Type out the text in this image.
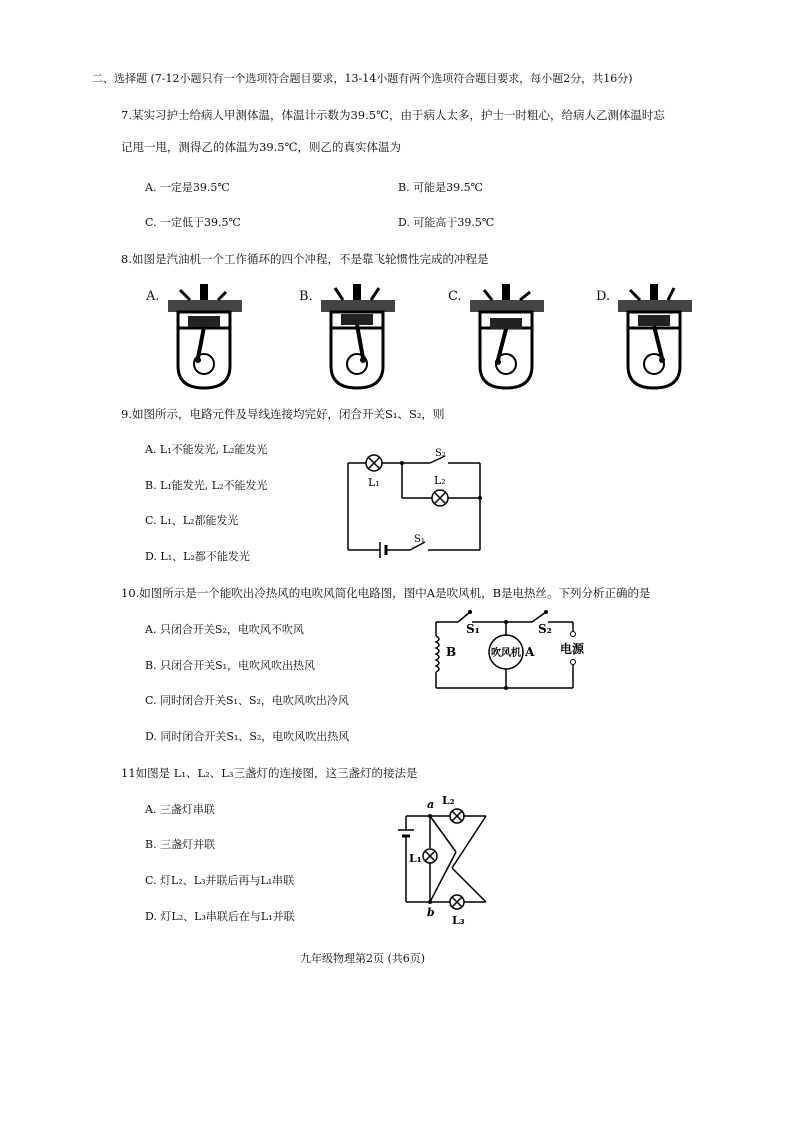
二、选择题 (7-12小题只有一个选项符合题目要求，13-14小题有两个选项符合题目要求，每小题2分，共16分)
7.某实习护士给病人甲测体温，体温计示数为39.5℃，由于病人太多，护士一时粗心，给病人乙测体温时忘
记甩一甩，测得乙的体温为39.5℃，则乙的真实体温为
A. 一定是39.5℃	B. 可能是39.5℃
C. 一定低于39.5℃	D. 可能高于39.5℃
8.如图是汽油机一个工作循环的四个冲程，不是靠飞轮惯性完成的冲程是
A.	B.	C.	D.
9.如图所示，电路元件及导线连接均完好，闭合开关S₁、S₂，则
A. L₁不能发光, L₂能发光
B. L₁能发光, L₂不能发光
C. L₁、L₂都能发光
D. L₁、L₂都不能发光
L₁	L₂
S₂
S₁
10.如图所示是一个能吹出冷热风的电吹风简化电路图，图中A是吹风机，B是电热丝。下列分析正确的是
A. 只闭合开关S₂，电吹风不吹风
B. 只闭合开关S₁，电吹风吹出热风
C. 同时闭合开关S₁、S₂，电吹风吹出冷风
D. 同时闭合开关S₁、S₂，电吹风吹出热风
S₁	S₂
B	吹风机 A 电源
11如图是 L₁、L₂、L₃三盏灯的连接图，这三盏灯的接法是
A. 三盏灯串联
B. 三盏灯并联
C. 灯L₂、L₃并联后再与L₁串联
D. 灯L₂、L₃串联后在与L₁并联
a
b
L₁
L₂
L₃
九年级物理第2页 (共6页)
